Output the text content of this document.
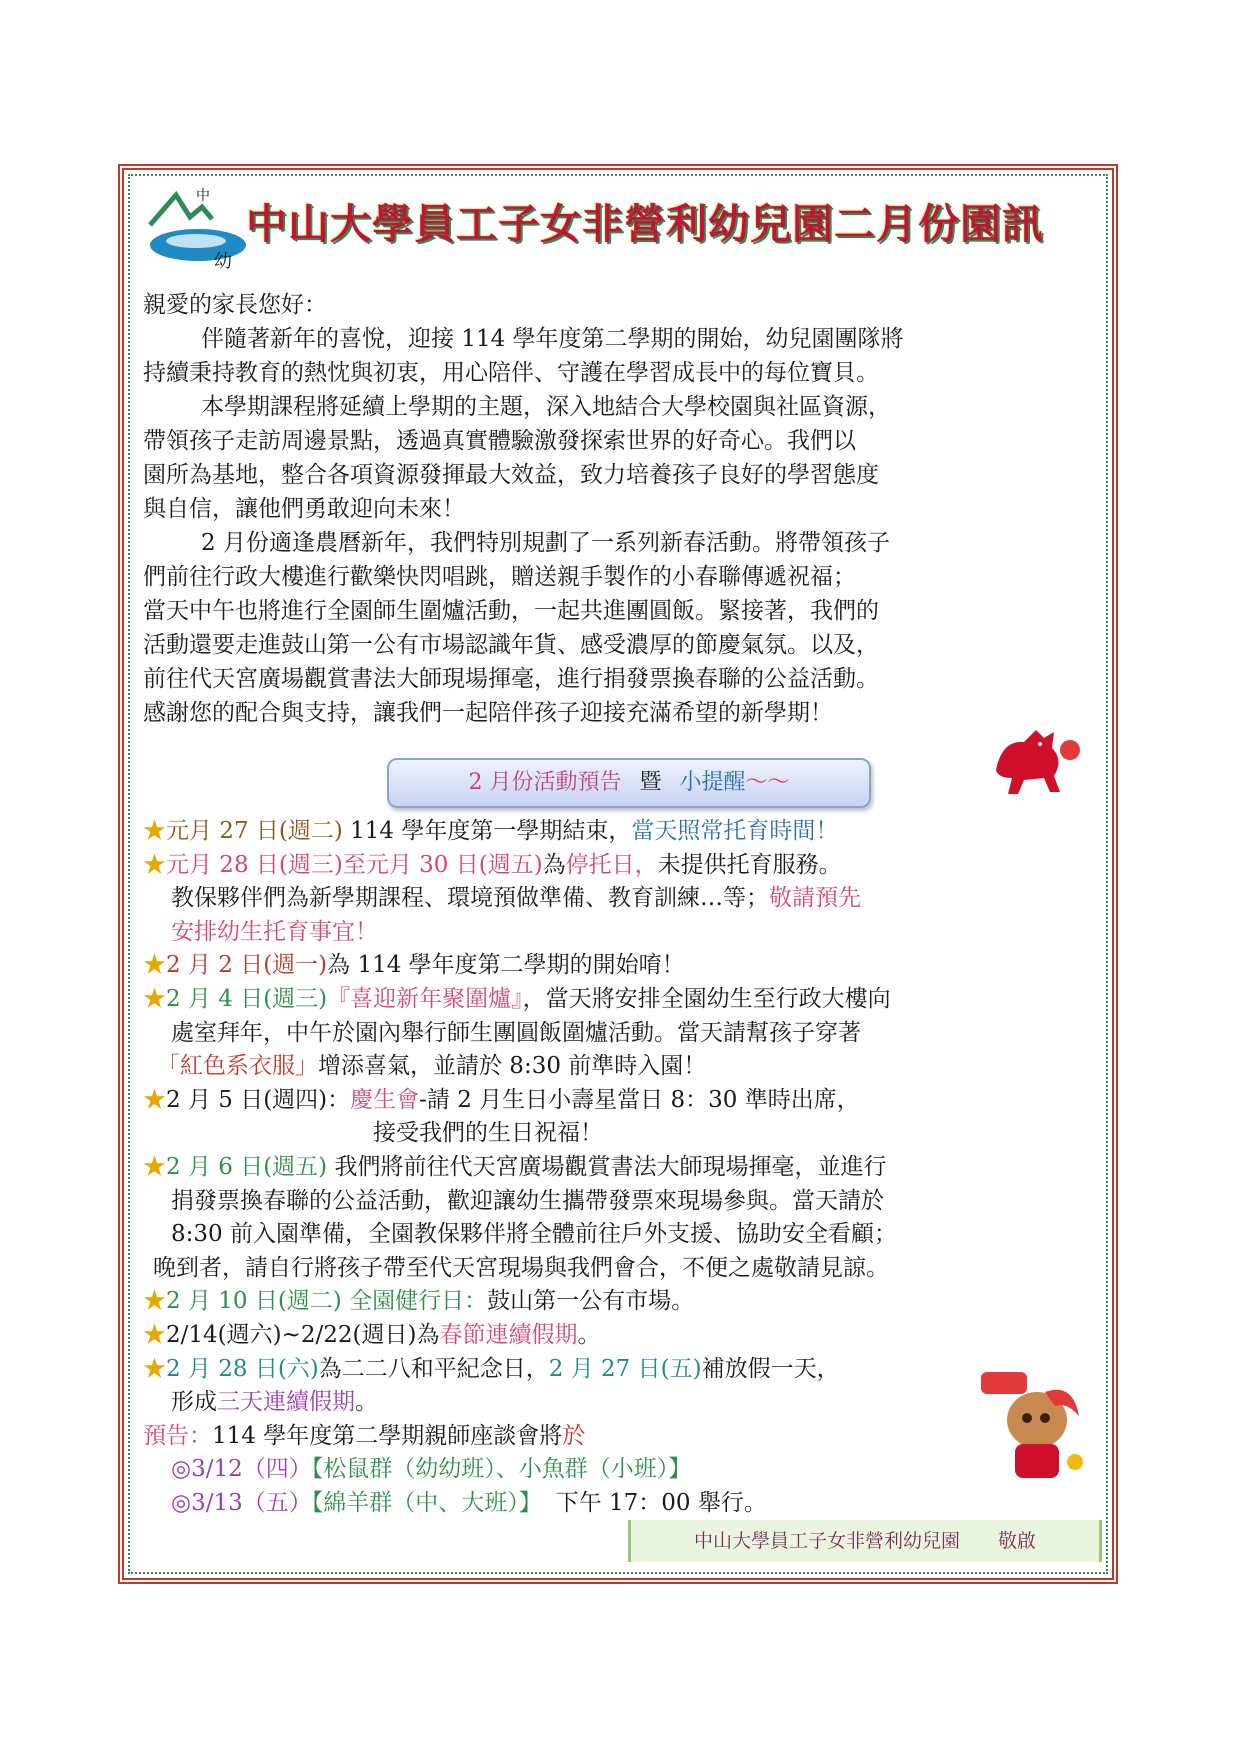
中
幼
中山大學員工子女非營利幼兒園二月份園訊

親愛的家長您好：

伴隨著新年的喜悅，迎接 114 學年度第二學期的開始，幼兒園團隊將

持續秉持教育的熱忱與初衷，用心陪伴、守護在學習成長中的每位寶貝。

本學期課程將延續上學期的主題，深入地結合大學校園與社區資源，

帶領孩子走訪周邊景點，透過真實體驗激發探索世界的好奇心。我們以

園所為基地，整合各項資源發揮最大效益，致力培養孩子良好的學習態度

與自信，讓他們勇敢迎向未來！

2 月份適逢農曆新年，我們特別規劃了一系列新春活動。將帶領孩子

們前往行政大樓進行歡樂快閃唱跳，贈送親手製作的小春聯傳遞祝福；

當天中午也將進行全園師生圍爐活動，一起共進團圓飯。緊接著，我們的

活動還要走進鼓山第一公有市場認識年貨、感受濃厚的節慶氣氛。以及，

前往代天宮廣場觀賞書法大師現場揮毫，進行捐發票換春聯的公益活動。

感謝您的配合與支持，讓我們一起陪伴孩子迎接充滿希望的新學期！

2 月份活動預告 暨 小提醒～～
★元月 27 日(週二) 114 學年度第一學期結束，當天照常托育時間！
★元月 28 日(週三)至元月 30 日(週五)為停托日，未提供托育服務。
教保夥伴們為新學期課程、環境預做準備、教育訓練…等；敬請預先
安排幼生托育事宜！
★2 月 2 日(週一)為 114 學年度第二學期的開始唷！
★2 月 4 日(週三)『喜迎新年聚圍爐』，當天將安排全園幼生至行政大樓向
處室拜年，中午於園內舉行師生團圓飯圍爐活動。當天請幫孩子穿著
「紅色系衣服」增添喜氣，並請於 8:30 前準時入園！
★2 月 5 日(週四)：慶生會-請 2 月生日小壽星當日 8：30 準時出席，
接受我們的生日祝福！
★2 月 6 日(週五) 我們將前往代天宮廣場觀賞書法大師現場揮毫，並進行
捐發票換春聯的公益活動，歡迎讓幼生攜帶發票來現場參與。當天請於
8:30 前入園準備，全園教保夥伴將全體前往戶外支援、協助安全看顧；
晚到者，請自行將孩子帶至代天宮現場與我們會合，不便之處敬請見諒。
★2 月 10 日(週二) 全園健行日：鼓山第一公有市場。
★2/14(週六)~2/22(週日)為春節連續假期。
★2 月 28 日(六)為二二八和平紀念日，2 月 27 日(五)補放假一天，
形成三天連續假期。
預告：114 學年度第二學期親師座談會將於
◎3/12（四）【松鼠群（幼幼班）、小魚群（小班）】
◎3/13（五）【綿羊群（中、大班）】 下午 17：00 舉行。
中山大學員工子女非營利幼兒園　　敬啟
